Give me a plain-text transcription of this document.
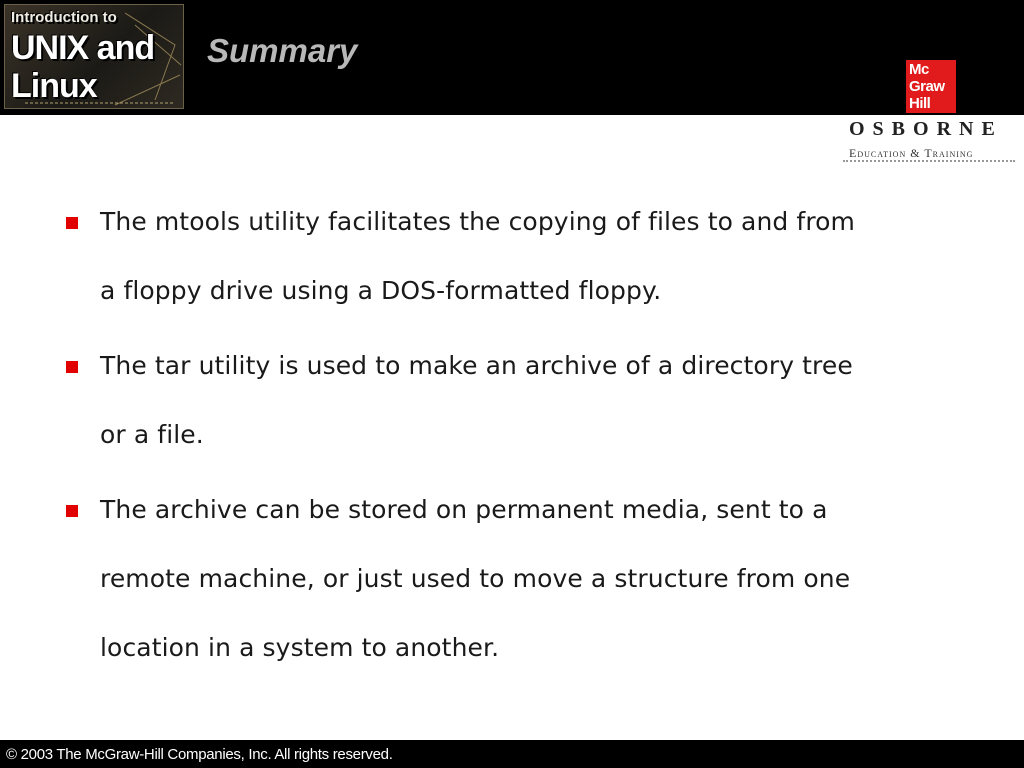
Introduction to
UNIX and
Linux
Summary
Mc
Graw
Hill
OSBORNE
Education & Training
The mtools utility facilitates the copying of files to and from
a floppy drive using a DOS-formatted floppy.
The tar utility is used to make an archive of a directory tree
or a file.
The archive can be stored on permanent media, sent to a
remote machine, or just used to move a structure from one
location in a system to another.
© 2003 The McGraw-Hill Companies, Inc. All rights reserved.
